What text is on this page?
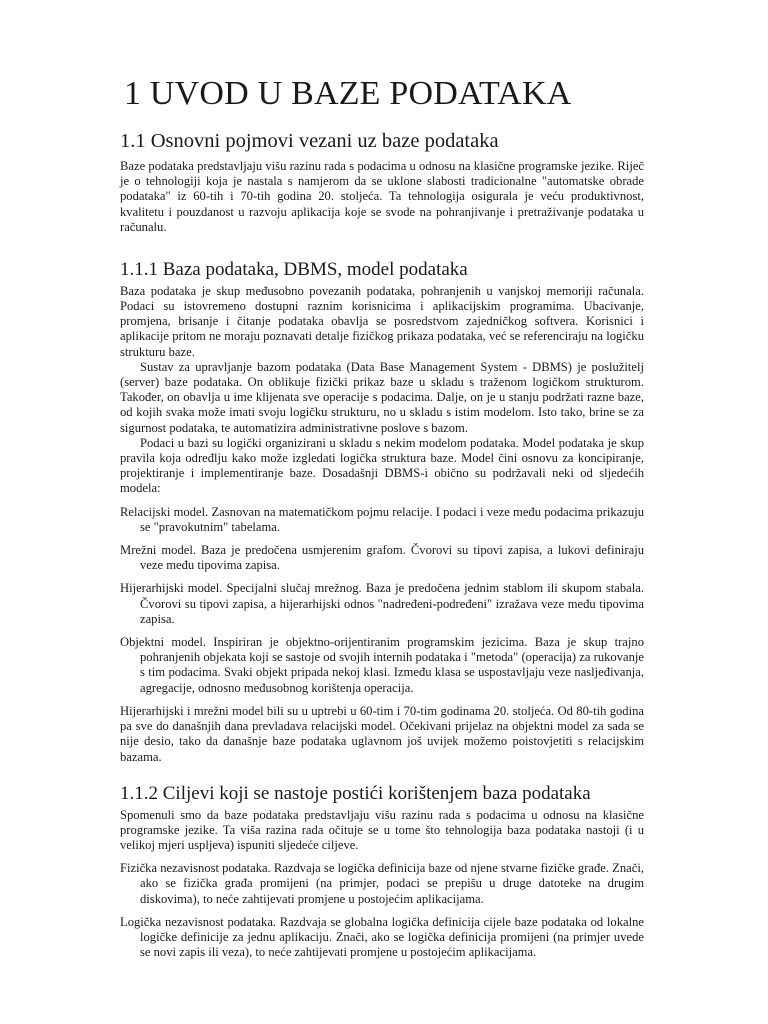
1 UVOD U BAZE PODATAKA
1.1 Osnovni pojmovi vezani uz baze podataka

Baze podataka predstavljaju višu razinu rada s podacima u odnosu na klasične programske jezike. Riječ je o tehnologiji koja je nastala s namjerom da se uklone slabosti tradicionalne "automatske obrade podataka" iz 60-tih i 70-tih godina 20. stoljeća. Ta tehnologija osigurala je veću produktivnost, kvalitetu i pouzdanost u razvoju aplikacija koje se svode na pohranjivanje i pretraživanje podataka u računalu.

1.1.1 Baza podataka, DBMS, model podataka

Baza podataka je skup međusobno povezanih podataka, pohranjenih u vanjskoj memoriji računala. Podaci su istovremeno dostupni raznim korisnicima i aplikacijskim programima. Ubacivanje, promjena, brisanje i čitanje podataka obavlja se posredstvom zajedničkog softvera. Korisnici i aplikacije pritom ne moraju poznavati detalje fizičkog prikaza podataka, već se referenciraju na logičku strukturu baze.

Sustav za upravljanje bazom podataka (Data Base Management System - DBMS) je poslužitelj (server) baze podataka. On oblikuje fizički prikaz baze u skladu s traženom logičkom strukturom. Također, on obavlja u ime klijenata sve operacije s podacima. Dalje, on je u stanju podržati razne baze, od kojih svaka može imati svoju logičku strukturu, no u skladu s istim modelom. Isto tako, brine se za sigurnost podataka, te automatizira administrativne poslove s bazom.

Podaci u bazi su logički organizirani u skladu s nekim modelom podataka. Model podataka je skup pravila koja određlju kako može izgledati logička struktura baze. Model čini osnovu za koncipiranje, projektiranje i implementiranje baze. Dosadašnji DBMS-i obično su podržavali neki od sljedećih modela:

Relacijski model. Zasnovan na matematičkom pojmu relacije. I podaci i veze među podacima prikazuju se "pravokutnim" tabelama.

Mrežni model. Baza je predočena usmjerenim grafom. Čvorovi su tipovi zapisa, a lukovi definiraju veze među tipovima zapisa.

Hijerarhijski model. Specijalni slučaj mrežnog. Baza je predočena jednim stablom ili skupom stabala. Čvorovi su tipovi zapisa, a hijerarhijski odnos "nadređeni-podređeni" izražava veze među tipovima zapisa.

Objektni model. Inspiriran je objektno-orijentiranim programskim jezicima. Baza je skup trajno pohranjenih objekata koji se sastoje od svojih internih podataka i "metoda" (operacija) za rukovanje s tim podacima. Svaki objekt pripada nekoj klasi. Između klasa se uspostavljaju veze nasljeđivanja, agregacije, odnosno međusobnog korištenja operacija.

Hijerarhijski i mrežni model bili su u uptrebi u 60-tim i 70-tim godinama 20. stoljeća. Od 80-tih godina pa sve do današnjih dana prevladava relacijski model. Očekivani prijelaz na objektni model za sada se nije desio, tako da današnje baze podataka uglavnom još uvijek možemo poistovjetiti s relacijskim bazama.

1.1.2 Ciljevi koji se nastoje postići korištenjem baza podataka

Spomenuli smo da baze podataka predstavljaju višu razinu rada s podacima u odnosu na klasične programske jezike. Ta viša razina rada očituje se u tome što tehnologija baza podataka nastoji (i u velikoj mjeri uspljeva) ispuniti sljedeće ciljeve.

Fizička nezavisnost podataka. Razdvaja se logička definicija baze od njene stvarne fizičke građe. Znači, ako se fizička građa promijeni (na primjer, podaci se prepišu u druge datoteke na drugim diskovima), to neće zahtijevati promjene u postojećim aplikacijama.

Logička nezavisnost podataka. Razdvaja se globalna logička definicija cijele baze podataka od lokalne logičke definicije za jednu aplikaciju. Znači, ako se logička definicija promijeni (na primjer uvede se novi zapis ili veza), to neće zahtijevati promjene u postojećim aplikacijama.
